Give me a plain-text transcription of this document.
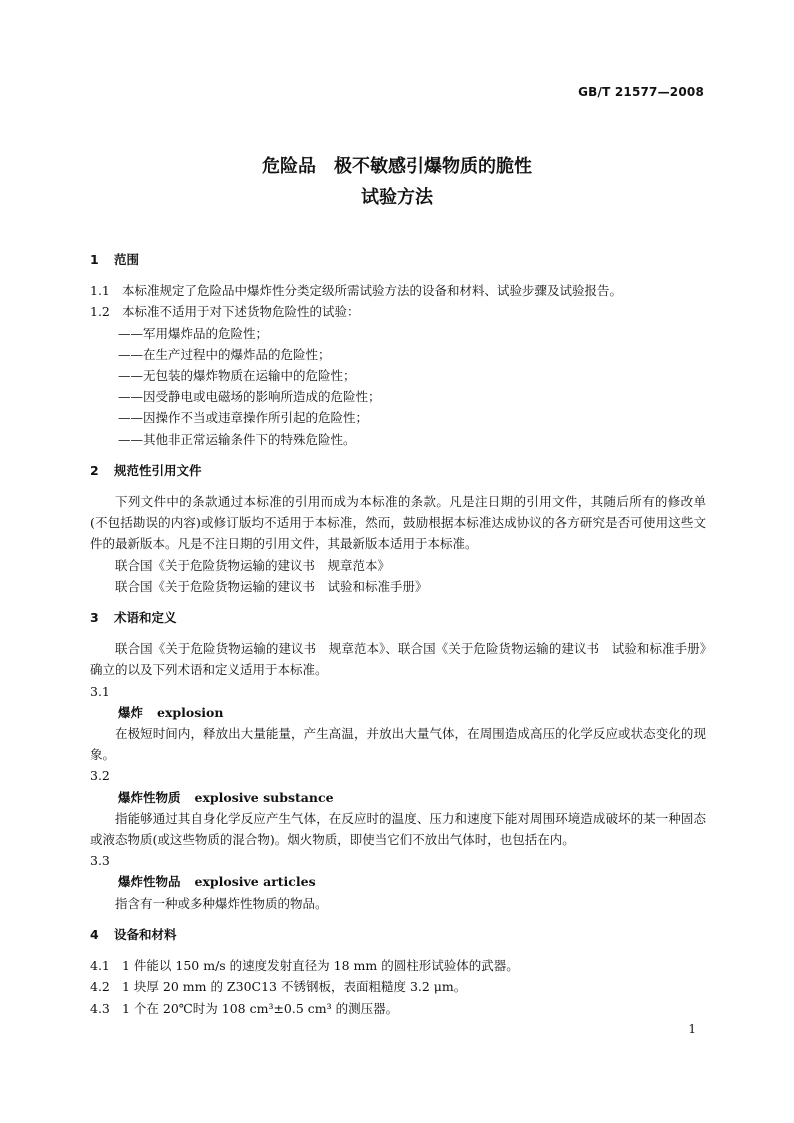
GB/T 21577—2008
危险品　极不敏感引爆物质的脆性
试验方法
1 范围
1.1 本标准规定了危险品中爆炸性分类定级所需试验方法的设备和材料、试验步骤及试验报告。
1.2 本标准不适用于对下述货物危险性的试验：
—— 军用爆炸品的危险性；
—— 在生产过程中的爆炸品的危险性；
—— 无包装的爆炸物质在运输中的危险性；
—— 因受静电或电磁场的影响所造成的危险性；
—— 因操作不当或违章操作所引起的危险性；
—— 其他非正常运输条件下的特殊危险性。
2 规范性引用文件
下列文件中的条款通过本标准的引用而成为本标准的条款。凡是注日期的引用文件，其随后所有的修改单(不包括勘误的内容)或修订版均不适用于本标准，然而，鼓励根据本标准达成协议的各方研究是否可使用这些文件的最新版本。凡是不注日期的引用文件，其最新版本适用于本标准。
联合国《关于危险货物运输的建议书　规章范本》
联合国《关于危险货物运输的建议书　试验和标准手册》
3 术语和定义
联合国《关于危险货物运输的建议书　规章范本》、联合国《关于危险货物运输的建议书　试验和标准手册》确立的以及下列术语和定义适用于本标准。
3.1
爆炸 explosion
在极短时间内，释放出大量能量，产生高温，并放出大量气体，在周围造成高压的化学反应或状态变化的现象。
3.2
爆炸性物质 explosive substance
指能够通过其自身化学反应产生气体，在反应时的温度、压力和速度下能对周围环境造成破坏的某一种固态或液态物质(或这些物质的混合物)。烟火物质，即使当它们不放出气体时，也包括在内。
3.3
爆炸性物品 explosive articles
指含有一种或多种爆炸性物质的物品。
4 设备和材料
4.1 1 件能以 150 m/s 的速度发射直径为 18 mm 的圆柱形试验体的武器。
4.2 1 块厚 20 mm 的 Z30C13 不锈钢板，表面粗糙度 3.2 μm。
4.3 1 个在 20℃时为 108 cm³±0.5 cm³ 的测压器。
1
